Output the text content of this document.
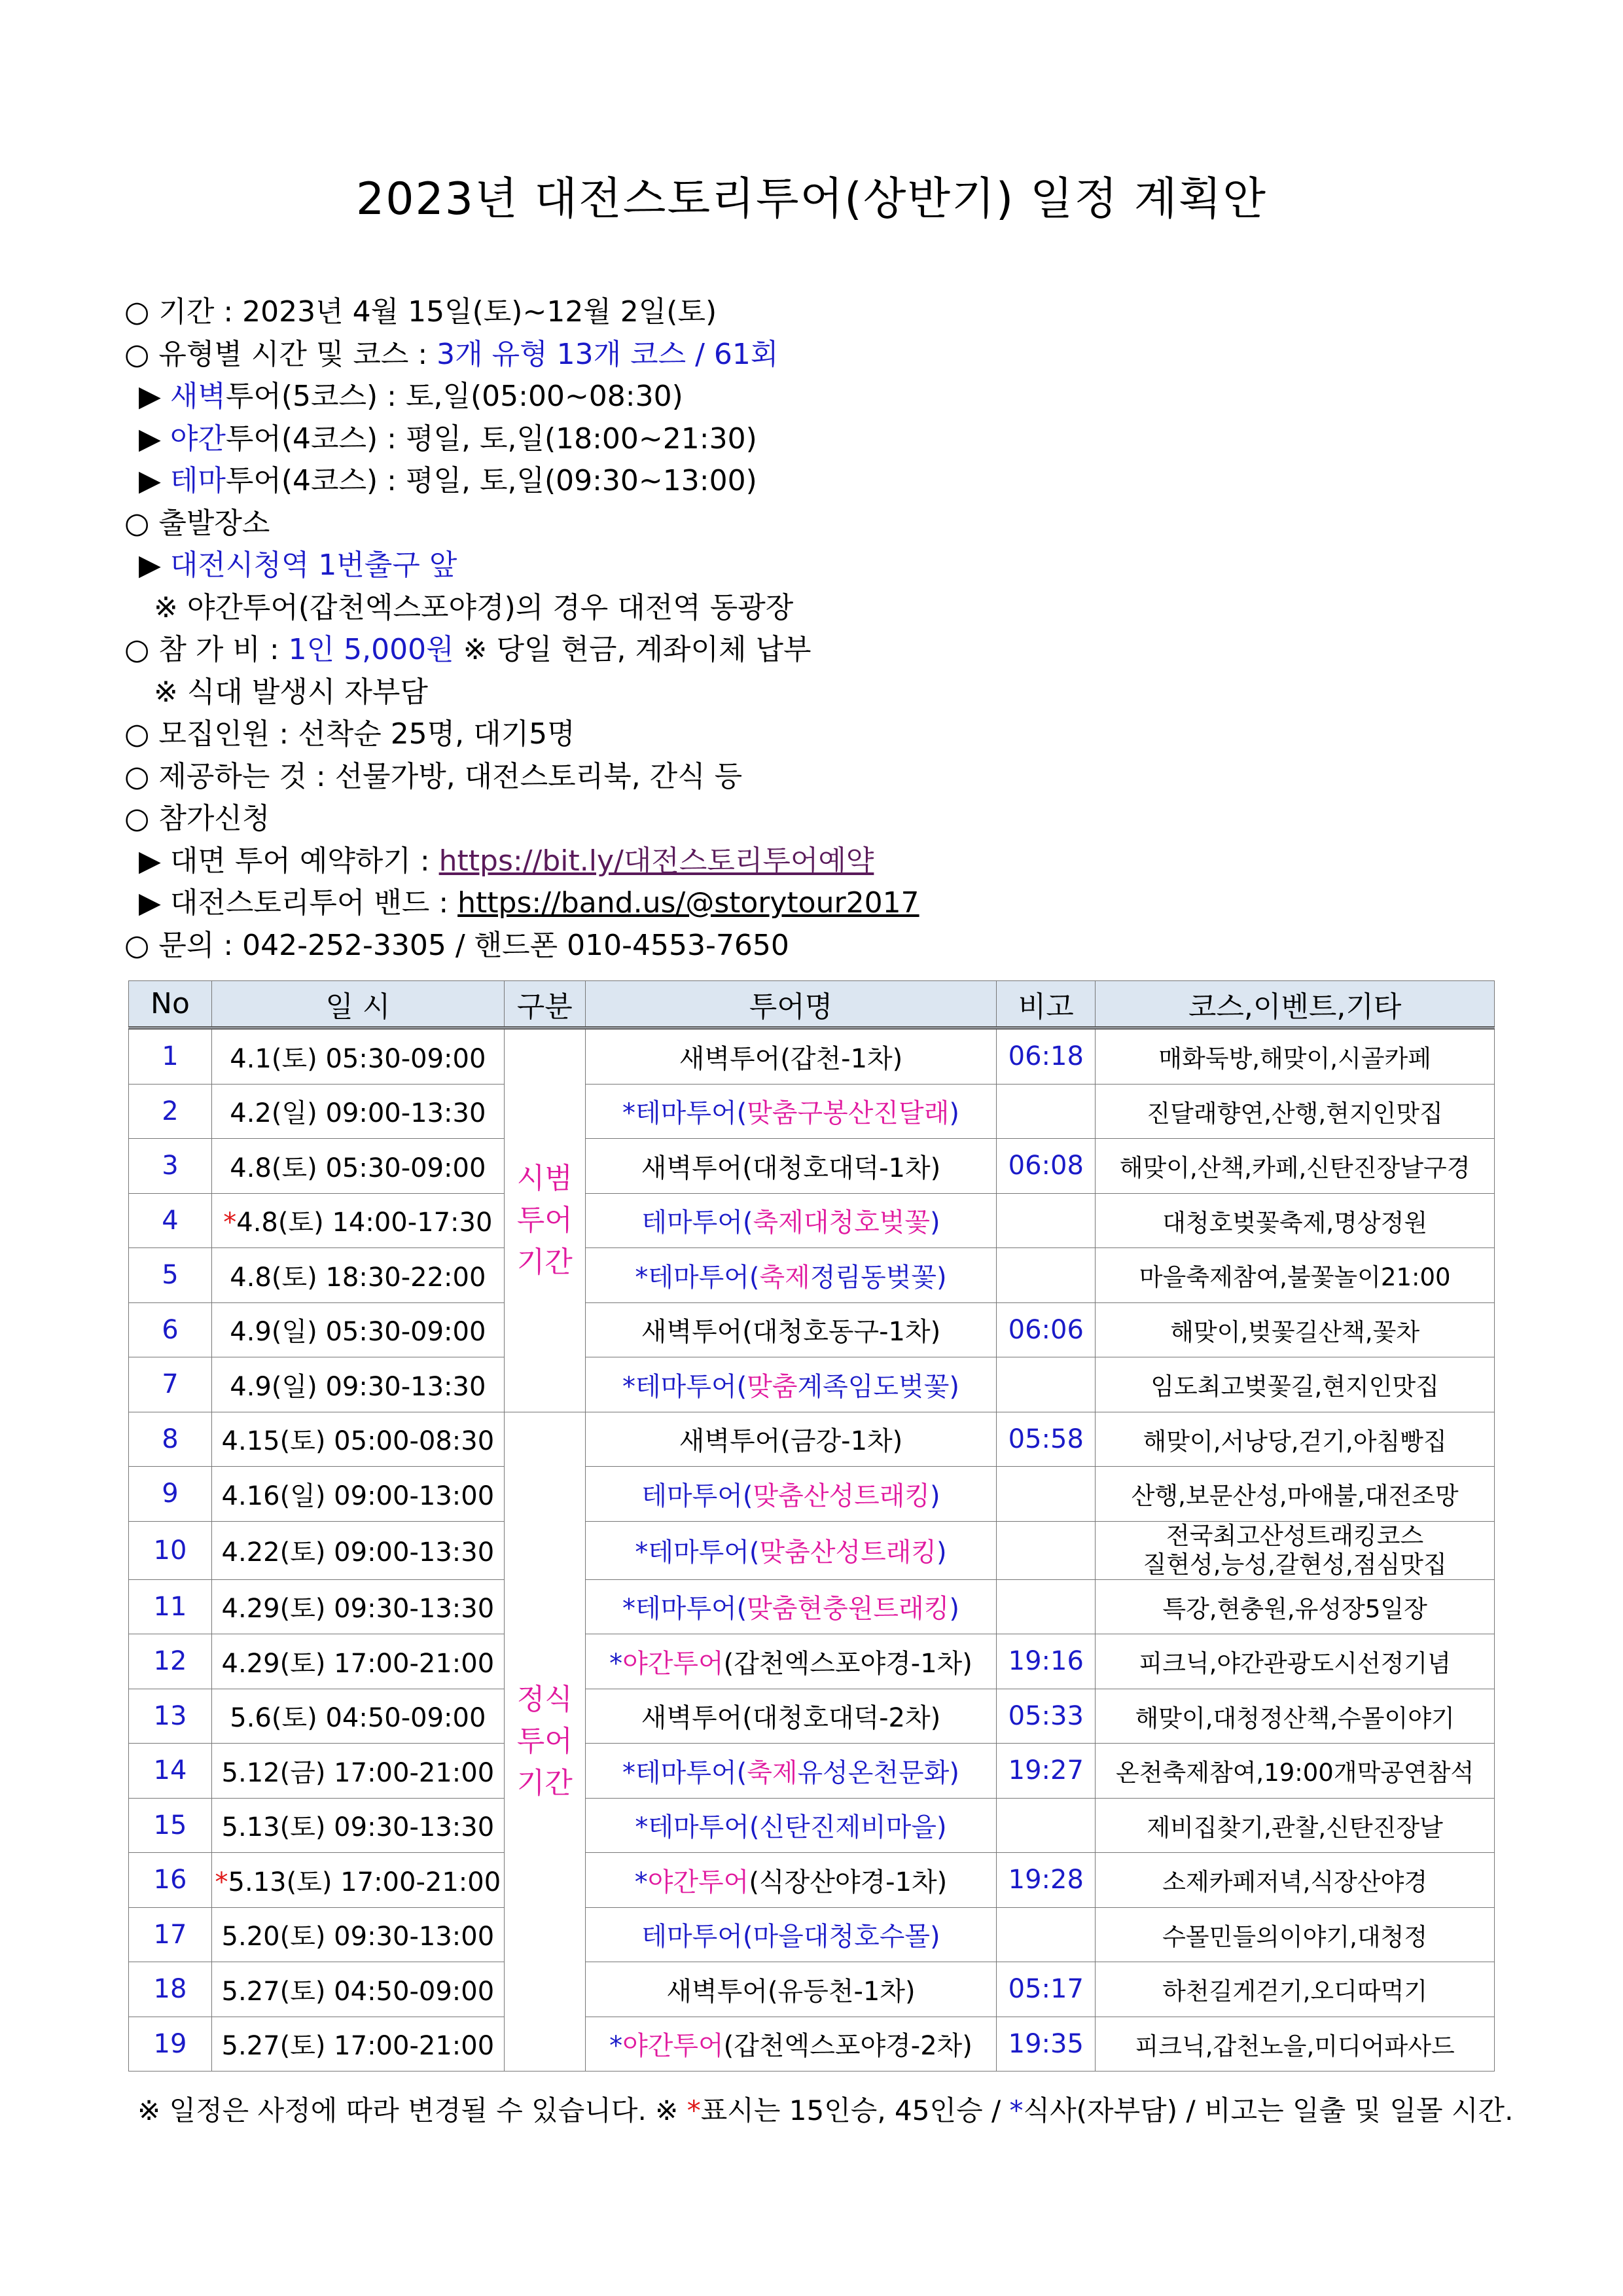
2023년 대전스토리투어(상반기) 일정 계획안
○ 기간 : 2023년 4월 15일(토)~12월 2일(토)
○ 유형별 시간 및 코스 : 3개 유형 13개 코스 / 61회
▶ 새벽투어(5코스) : 토,일(05:00~08:30)
▶ 야간투어(4코스) : 평일, 토,일(18:00~21:30)
▶ 테마투어(4코스) : 평일, 토,일(09:30~13:00)
○ 출발장소
▶ 대전시청역 1번출구 앞
※ 야간투어(갑천엑스포야경)의 경우 대전역 동광장
○ 참 가 비 : 1인 5,000원 ※ 당일 현금, 계좌이체 납부
※ 식대 발생시 자부담
○ 모집인원 : 선착순 25명, 대기5명
○ 제공하는 것 : 선물가방, 대전스토리북, 간식 등
○ 참가신청
▶ 대면 투어 예약하기 : https://bit.ly/대전스토리투어예약
▶ 대전스토리투어 밴드 : https://band.us/@storytour2017
○ 문의 : 042-252-3305 / 핸드폰 010-4553-7650
No	일 시	구분	투어명	비고	코스,이벤트,기타
1	4.1(토) 05:30-09:00	시범
투어
기간	새벽투어(갑천-1차)	06:18	매화둑방,해맞이,시골카페
2	4.2(일) 09:00-13:30		*테마투어(맞춤구봉산진달래)		진달래향연,산행,현지인맛집
3	4.8(토) 05:30-09:00		새벽투어(대청호대덕-1차)	06:08	해맞이,산책,카페,신탄진장날구경
4	*4.8(토) 14:00-17:30		테마투어(축제대청호벚꽃)		대청호벚꽃축제,명상정원
5	4.8(토) 18:30-22:00		*테마투어(축제정림동벚꽃)		마을축제참여,불꽃놀이21:00
6	4.9(일) 05:30-09:00		새벽투어(대청호동구-1차)	06:06	해맞이,벚꽃길산책,꽃차
7	4.9(일) 09:30-13:30		*테마투어(맞춤계족임도벚꽃)		임도최고벚꽃길,현지인맛집
8	4.15(토) 05:00-08:30	정식
투어
기간	새벽투어(금강-1차)	05:58	해맞이,서낭당,걷기,아침빵집
9	4.16(일) 09:00-13:00		테마투어(맞춤산성트래킹)		산행,보문산성,마애불,대전조망
10	4.22(토) 09:00-13:30		*테마투어(맞춤산성트래킹)		전국최고산성트래킹코스
질현성,능성,갈현성,점심맛집
11	4.29(토) 09:30-13:30		*테마투어(맞춤현충원트래킹)		특강,현충원,유성장5일장
12	4.29(토) 17:00-21:00		*야간투어(갑천엑스포야경-1차)	19:16	피크닉,야간관광도시선정기념
13	5.6(토) 04:50-09:00		새벽투어(대청호대덕-2차)	05:33	해맞이,대청정산책,수몰이야기
14	5.12(금) 17:00-21:00		*테마투어(축제유성온천문화)	19:27	온천축제참여,19:00개막공연참석
15	5.13(토) 09:30-13:30		*테마투어(신탄진제비마을)		제비집찾기,관찰,신탄진장날
16	*5.13(토) 17:00-21:00		*야간투어(식장산야경-1차)	19:28	소제카페저녁,식장산야경
17	5.20(토) 09:30-13:00		테마투어(마을대청호수몰)		수몰민들의이야기,대청정
18	5.27(토) 04:50-09:00		새벽투어(유등천-1차)	05:17	하천길게걷기,오디따먹기
19	5.27(토) 17:00-21:00		*야간투어(갑천엑스포야경-2차)	19:35	피크닉,갑천노을,미디어파사드
※ 일정은 사정에 따라 변경될 수 있습니다. ※ *표시는 15인승, 45인승 / *식사(자부담) / 비고는 일출 및 일몰 시간.
